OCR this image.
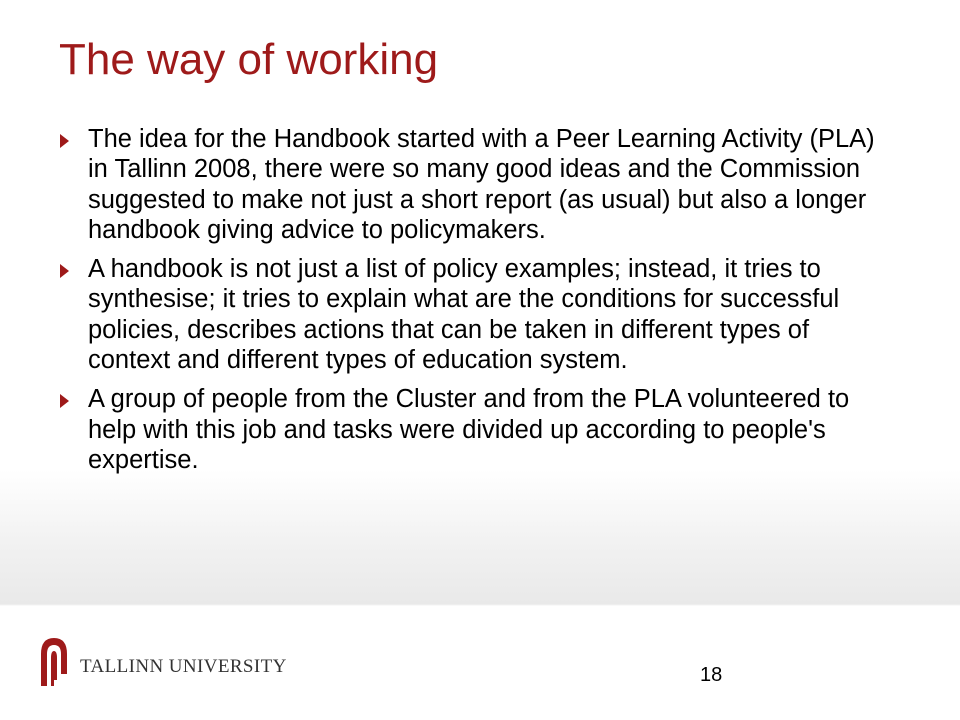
The way of working
The idea for the Handbook started with a Peer Learning Activity (PLA) in Tallinn 2008, there were so many good ideas and the Commission suggested to make not just a short report (as usual) but also a longer handbook giving advice to policymakers.
A handbook is not just a list of policy examples; instead, it tries to synthesise; it tries to explain what are the conditions for successful policies, describes actions that can be taken in different types of context and different types of education system.
A group of people from the Cluster and from the PLA volunteered to help with this job and tasks were divided up according to people's expertise.
TALLINN UNIVERSITY	18
